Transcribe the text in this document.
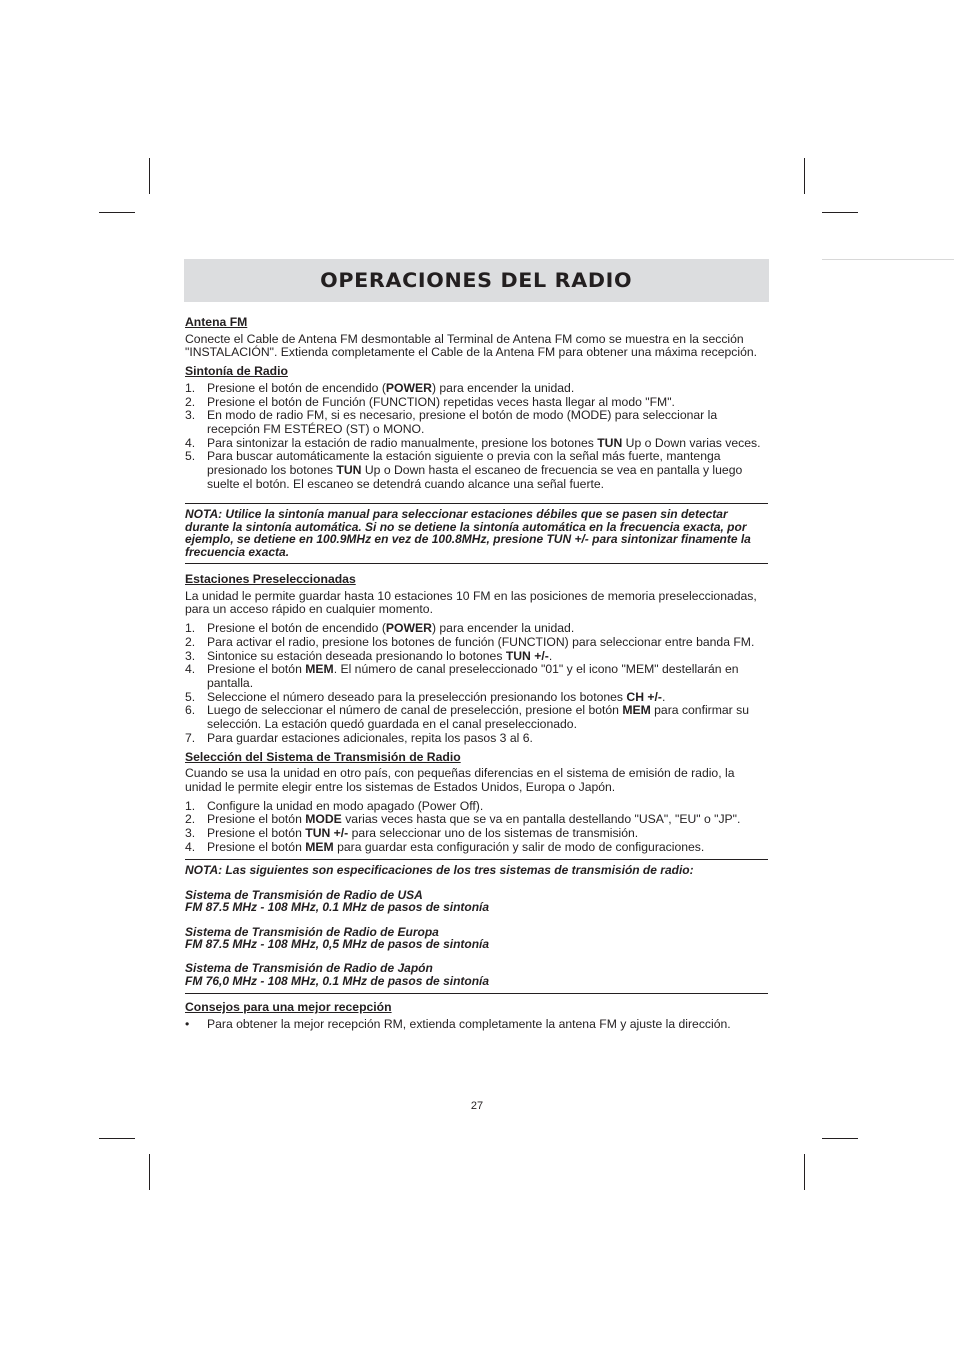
OPERACIONES DEL RADIO
Antena FM
Conecte el Cable de Antena FM desmontable al Terminal de Antena FM como se muestra en la sección "INSTALACIÓN". Extienda completamente el Cable de la Antena FM para obtener una máxima recepción.
Sintonía de Radio
1. Presione el botón de encendido (POWER) para encender la unidad.
2. Presione el botón de Función (FUNCTION) repetidas veces hasta llegar al modo "FM".
3. En modo de radio FM, si es necesario, presione el botón de modo (MODE) para seleccionar la recepción FM ESTÉREO (ST) o MONO.
4. Para sintonizar la estación de radio manualmente, presione los botones TUN Up o Down varias veces.
5. Para buscar automáticamente la estación siguiente o previa con la señal más fuerte, mantenga presionado los botones TUN Up o Down hasta el escaneo de frecuencia se vea en pantalla y luego suelte el botón. El escaneo se detendrá cuando alcance una señal fuerte.
NOTA: Utilice la sintonía manual para seleccionar estaciones débiles que se pasen sin detectar durante la sintonía automática. Si no se detiene la sintonía automática en la frecuencia exacta, por ejemplo, se detiene en 100.9MHz en vez de 100.8MHz, presione TUN +/- para sintonizar finamente la frecuencia exacta.
Estaciones Preseleccionadas
La unidad le permite guardar hasta 10 estaciones 10 FM en las posiciones de memoria preseleccionadas, para un acceso rápido en cualquier momento.
1. Presione el botón de encendido (POWER) para encender la unidad.
2. Para activar el radio, presione los botones de función (FUNCTION) para seleccionar entre banda FM.
3. Sintonice su estación deseada presionando lo botones TUN +/-.
4. Presione el botón MEM. El número de canal preseleccionado "01" y el icono "MEM" destellarán en pantalla.
5. Seleccione el número deseado para la preselección presionando los botones CH +/-.
6. Luego de seleccionar el número de canal de preselección, presione el botón MEM para confirmar su selección. La estación quedó guardada en el canal preseleccionado.
7. Para guardar estaciones adicionales, repita los pasos 3 al 6.
Selección del Sistema de Transmisión de Radio
Cuando se usa la unidad en otro país, con pequeñas diferencias en el sistema de emisión de radio, la unidad le permite elegir entre los sistemas de Estados Unidos, Europa o Japón.
1. Configure la unidad en modo apagado (Power Off).
2. Presione el botón MODE varias veces hasta que se va en pantalla destellando "USA", "EU" o "JP".
3. Presione el botón TUN +/- para seleccionar uno de los sistemas de transmisión.
4. Presione el botón MEM para guardar esta configuración y salir de modo de configuraciones.
NOTA: Las siguientes son especificaciones de los tres sistemas de transmisión de radio:
Sistema de Transmisión de Radio de USA
FM 87.5 MHz - 108 MHz, 0.1 MHz de pasos de sintonía
Sistema de Transmisión de Radio de Europa
FM 87.5 MHz - 108 MHz, 0,5 MHz de pasos de sintonía
Sistema de Transmisión de Radio de Japón
FM 76,0 MHz - 108 MHz, 0.1 MHz de pasos de sintonía
Consejos para una mejor recepción
•	Para obtener la mejor recepción RM, extienda completamente la antena FM y ajuste la dirección.
27
